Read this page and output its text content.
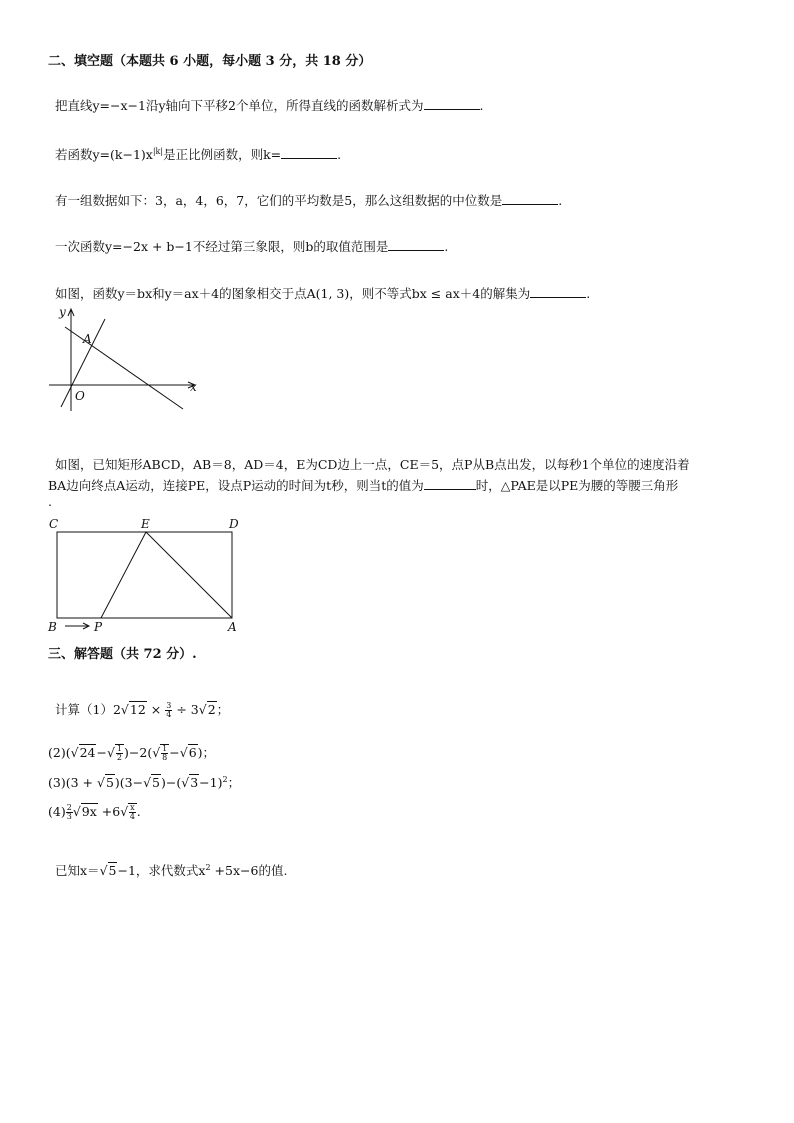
二、填空题（本题共 6 小题，每小题 3 分，共 18 分）
把直线y=−x−1沿y轴向下平移2个单位，所得直线的函数解析式为	.
若函数$y=(k-1)x^{|k|}$是正比例函数，则k=	.
有一组数据如下：3，a，4，6，7，它们的平均数是5，那么这组数据的中位数是	.
一次函数y=−2x + b−1不经过第三象限，则b的取值范围是	.
如图，函数y＝bx和y＝ax＋4的图象相交于点A(1, 3)，则不等式bx ≤ ax＋4的解集为	.
y
x
O
A
如图，已知矩形ABCD，AB＝8，AD＝4，E为CD边上一点，CE＝5，点P从B点出发，以每秒1个单位的速度沿着
BA边向终点A运动，连接PE，设点P运动的时间为t秒，则当t的值为	时，△PAE是以PE为腰的等腰三角形
.
C	E	D
B	P	A
三、解答题（共 72 分）.
计算$(1)2√12 \times \frac{3}{4} \div 3√2$；
$(2)(√24-√ \frac{1}{2} )-2(√ \frac{1}{8} -√6)$；
$(3)(3 + √5)(3-√5)-(√3-1)^2$；
$(4) \frac{2}{3} √9x +6√ \frac{x}{4}$ .
已知x＝√5−1，求代数式$x^2 +5x-6$的值.
